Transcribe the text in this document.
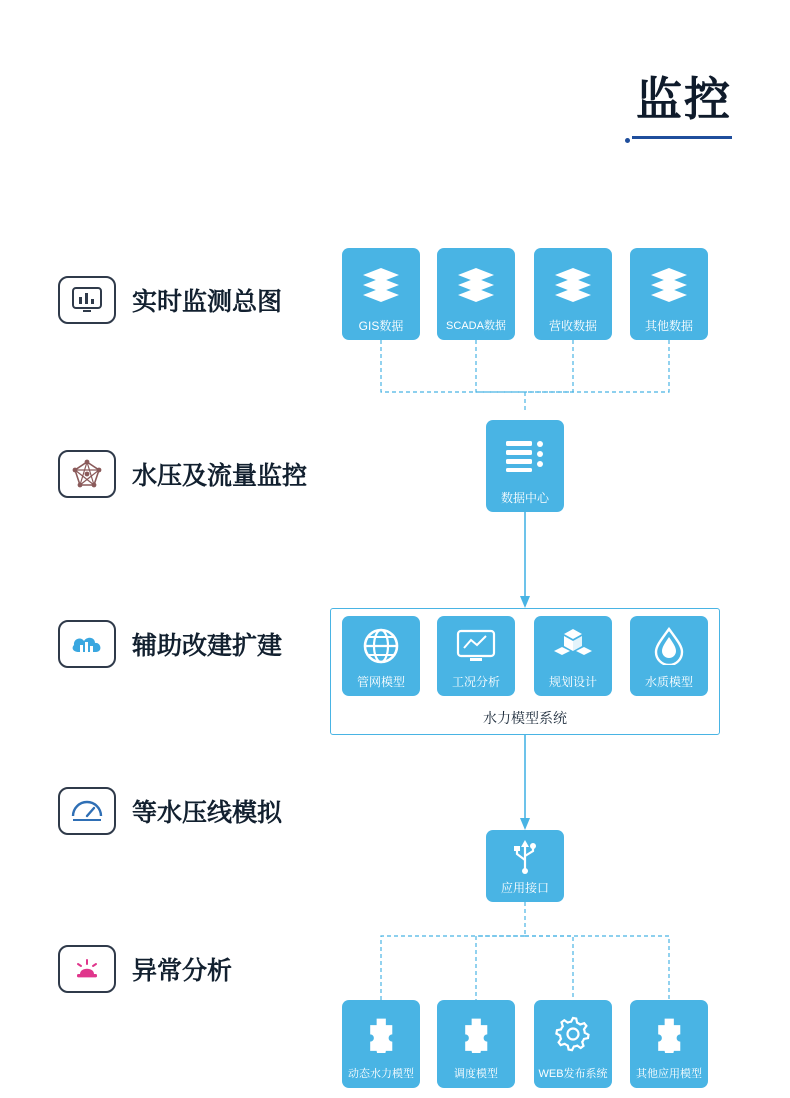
监控
实时监测总图
水压及流量监控
辅助改建扩建
等水压线模拟
异常分析
GIS数据	SCADA数据	营收数据	其他数据
数据中心
管网模型	工况分析	规划设计	水质模型
水力模型系统
应用接口
动态水力模型	调度模型	WEB发布系统	其他应用模型
